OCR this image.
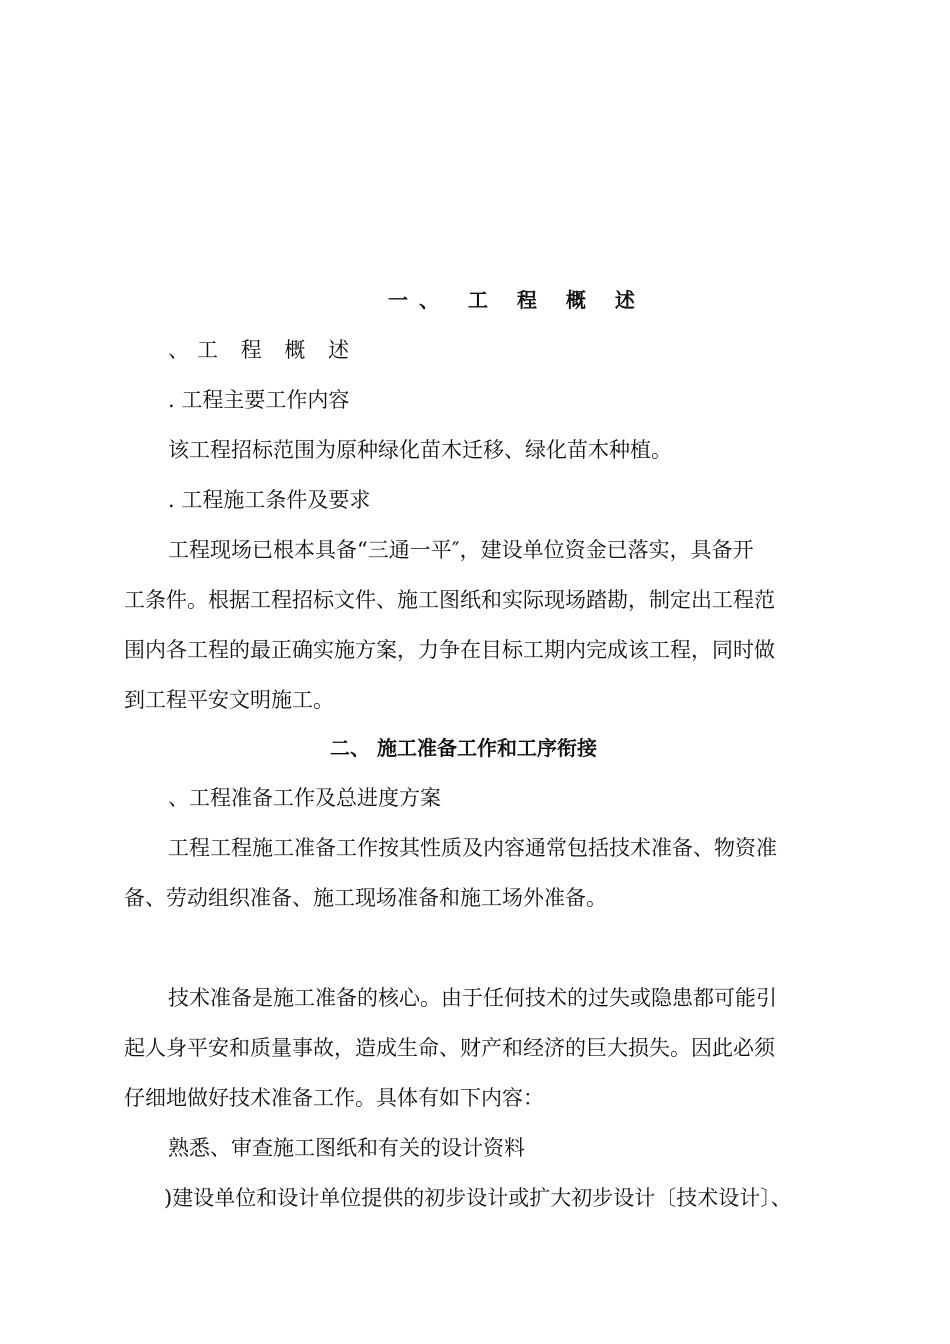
一、 工 程 概 述
、工 程 概 述
. 工程主要工作内容
该工程招标范围为原种绿化苗木迁移、绿化苗木种植。
. 工程施工条件及要求
工程现场已根本具备“三通一平″，建设单位资金已落实，具备开
工条件。根据工程招标文件、施工图纸和实际现场踏勘，制定出工程范
围内各工程的最正确实施方案，力争在目标工期内完成该工程，同时做
到工程平安文明施工。
二、 施工准备工作和工序衔接
、工程准备工作及总进度方案
工程工程施工准备工作按其性质及内容通常包括技术准备、物资准
备、劳动组织准备、施工现场准备和施工场外准备。
技术准备是施工准备的核心。由于任何技术的过失或隐患都可能引
起人身平安和质量事故，造成生命、财产和经济的巨大损失。因此必须
仔细地做好技术准备工作。具体有如下内容：
熟悉、审查施工图纸和有关的设计资料
)建设单位和设计单位提供的初步设计或扩大初步设计〔技术设计〕、
